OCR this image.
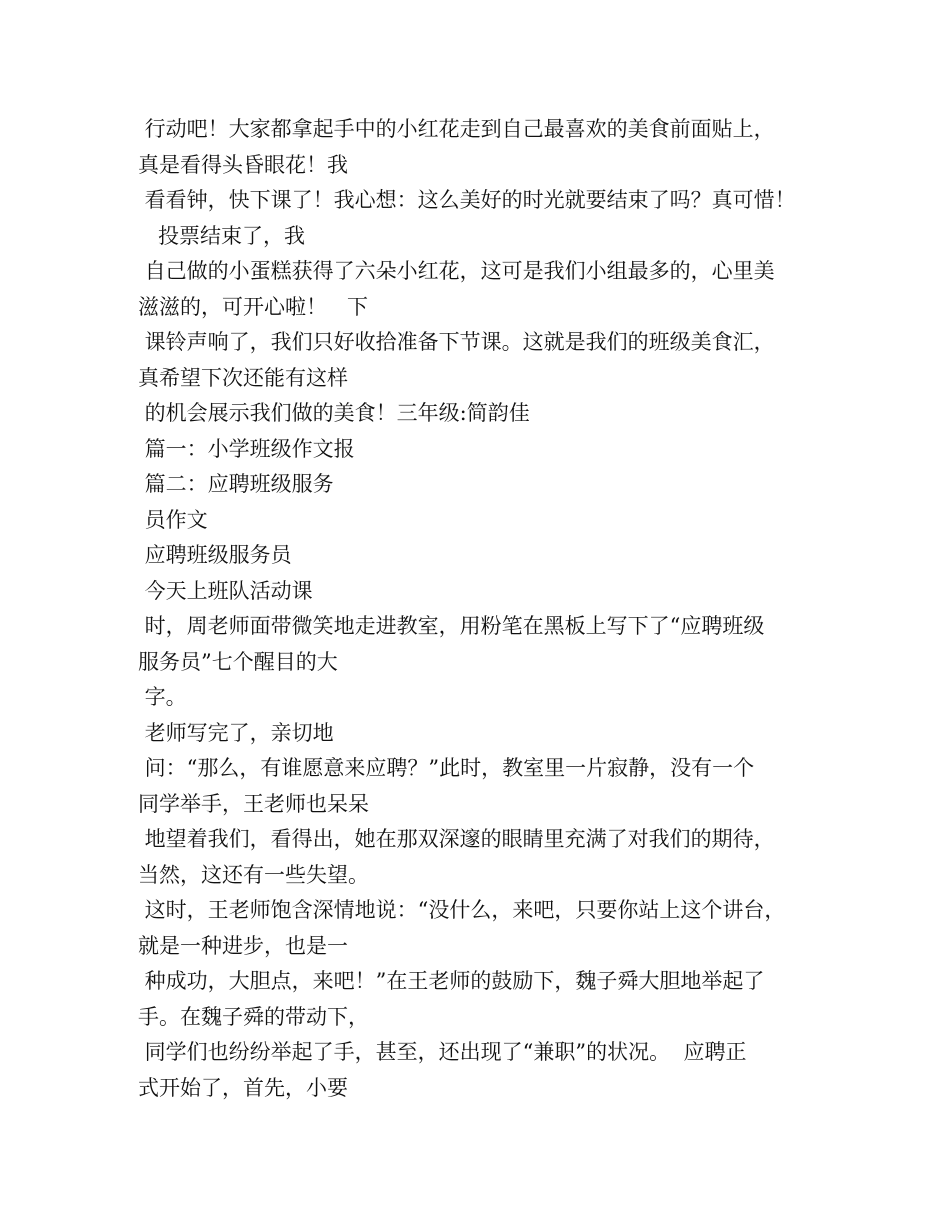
行动吧！大家都拿起手中的小红花走到自己最喜欢的美食前面贴上，
真是看得头昏眼花！我
看看钟，快下课了！我心想：这么美好的时光就要结束了吗？真可惜！
投票结束了，我
自己做的小蛋糕获得了六朵小红花，这可是我们小组最多的，心里美
滋滋的，可开心啦！   下
课铃声响了，我们只好收拾准备下节课。这就是我们的班级美食汇，
真希望下次还能有这样
的机会展示我们做的美食！三年级:简韵佳
篇一：小学班级作文报
篇二：应聘班级服务
员作文
应聘班级服务员
今天上班队活动课
时，周老师面带微笑地走进教室，用粉笔在黑板上写下了“应聘班级
服务员”七个醒目的大
字。
老师写完了，亲切地
问：“那么，有谁愿意来应聘？”此时，教室里一片寂静，没有一个
同学举手，王老师也呆呆
地望着我们，看得出，她在那双深邃的眼睛里充满了对我们的期待，
当然，这还有一些失望。
这时，王老师饱含深情地说：“没什么，来吧，只要你站上这个讲台，
就是一种进步，也是一
种成功，大胆点，来吧！”在王老师的鼓励下，魏子舜大胆地举起了
手。在魏子舜的带动下，
同学们也纷纷举起了手，甚至，还出现了“兼职”的状况。  应聘正
式开始了，首先，小要
